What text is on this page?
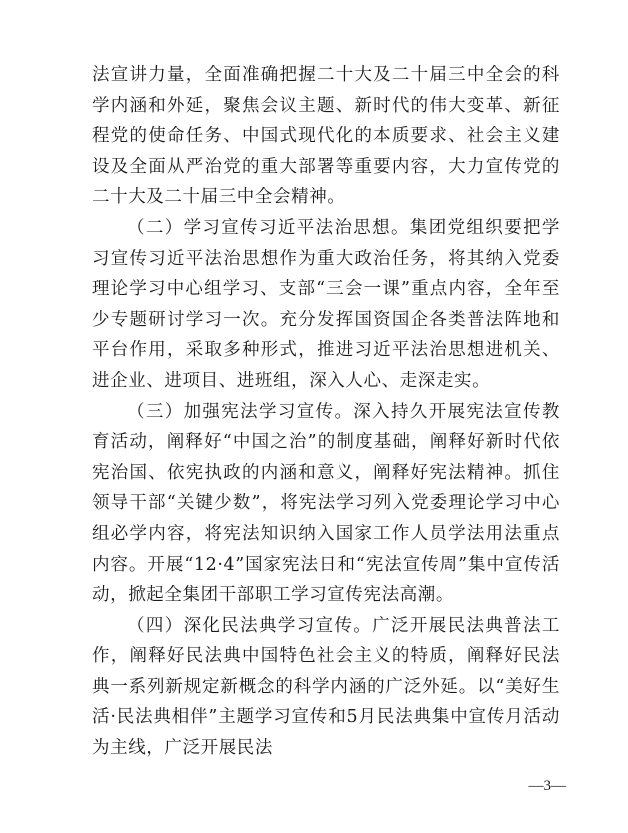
法宣讲力量，全面准确把握二十大及二十届三中全会的科学内涵和外延，聚焦会议主题、新时代的伟大变革、新征程党的使命任务、中国式现代化的本质要求、社会主义建设及全面从严治党的重大部署等重要内容，大力宣传党的二十大及二十届三中全会精神。

（二）学习宣传习近平法治思想。集团党组织要把学习宣传习近平法治思想作为重大政治任务，将其纳入党委理论学习中心组学习、支部“三会一课”重点内容，全年至少专题研讨学习一次。充分发挥国资国企各类普法阵地和平台作用，采取多种形式，推进习近平法治思想进机关、进企业、进项目、进班组，深入人心、走深走实。

（三）加强宪法学习宣传。深入持久开展宪法宣传教育活动，阐释好“中国之治”的制度基础，阐释好新时代依宪治国、依宪执政的内涵和意义，阐释好宪法精神。抓住领导干部“关键少数”，将宪法学习列入党委理论学习中心组必学内容，将宪法知识纳入国家工作人员学法用法重点内容。开展“12·4”国家宪法日和“宪法宣传周”集中宣传活动，掀起全集团干部职工学习宣传宪法高潮。

（四）深化民法典学习宣传。广泛开展民法典普法工作，阐释好民法典中国特色社会主义的特质，阐释好民法典一系列新规定新概念的科学内涵的广泛外延。以“美好生活·民法典相伴”主题学习宣传和5月民法典集中宣传月活动为主线，广泛开展民法

—3—
